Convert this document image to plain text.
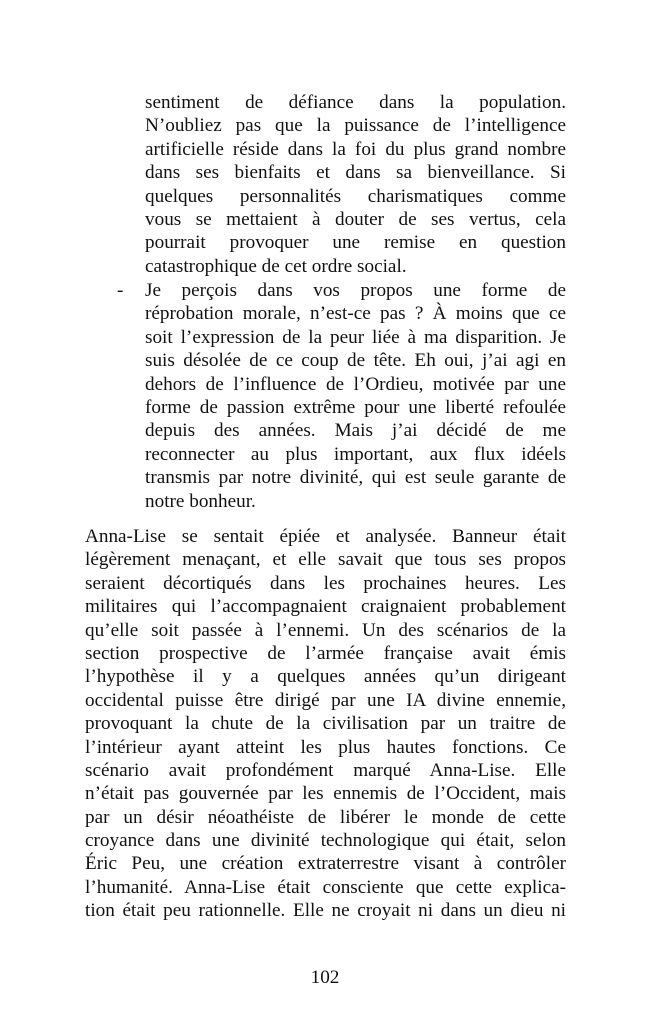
sentiment de défiance dans la population.
N’oubliez pas que la puissance de l’intelligence
artificielle réside dans la foi du plus grand nombre
dans ses bienfaits et dans sa bienveillance. Si
quelques personnalités charismatiques comme
vous se mettaient à douter de ses vertus, cela
pourrait provoquer une remise en question
catastrophique de cet ordre social.
- Je perçois dans vos propos une forme de
réprobation morale, n’est-ce pas ? À moins que ce
soit l’expression de la peur liée à ma disparition. Je
suis désolée de ce coup de tête. Eh oui, j’ai agi en
dehors de l’influence de l’Ordieu, motivée par une
forme de passion extrême pour une liberté refoulée
depuis des années. Mais j’ai décidé de me
reconnecter au plus important, aux flux idéels
transmis par notre divinité, qui est seule garante de
notre bonheur.
Anna-Lise se sentait épiée et analysée. Banneur était
légèrement menaçant, et elle savait que tous ses propos
seraient décortiqués dans les prochaines heures. Les
militaires qui l’accompagnaient craignaient probablement
qu’elle soit passée à l’ennemi. Un des scénarios de la
section prospective de l’armée française avait émis
l’hypothèse il y a quelques années qu’un dirigeant
occidental puisse être dirigé par une IA divine ennemie,
provoquant la chute de la civilisation par un traitre de
l’intérieur ayant atteint les plus hautes fonctions. Ce
scénario avait profondément marqué Anna-Lise. Elle
n’était pas gouvernée par les ennemis de l’Occident, mais
par un désir néoathéiste de libérer le monde de cette
croyance dans une divinité technologique qui était, selon
Éric Peu, une création extraterrestre visant à contrôler
l’humanité. Anna-Lise était consciente que cette explica-
tion était peu rationnelle. Elle ne croyait ni dans un dieu ni
102
